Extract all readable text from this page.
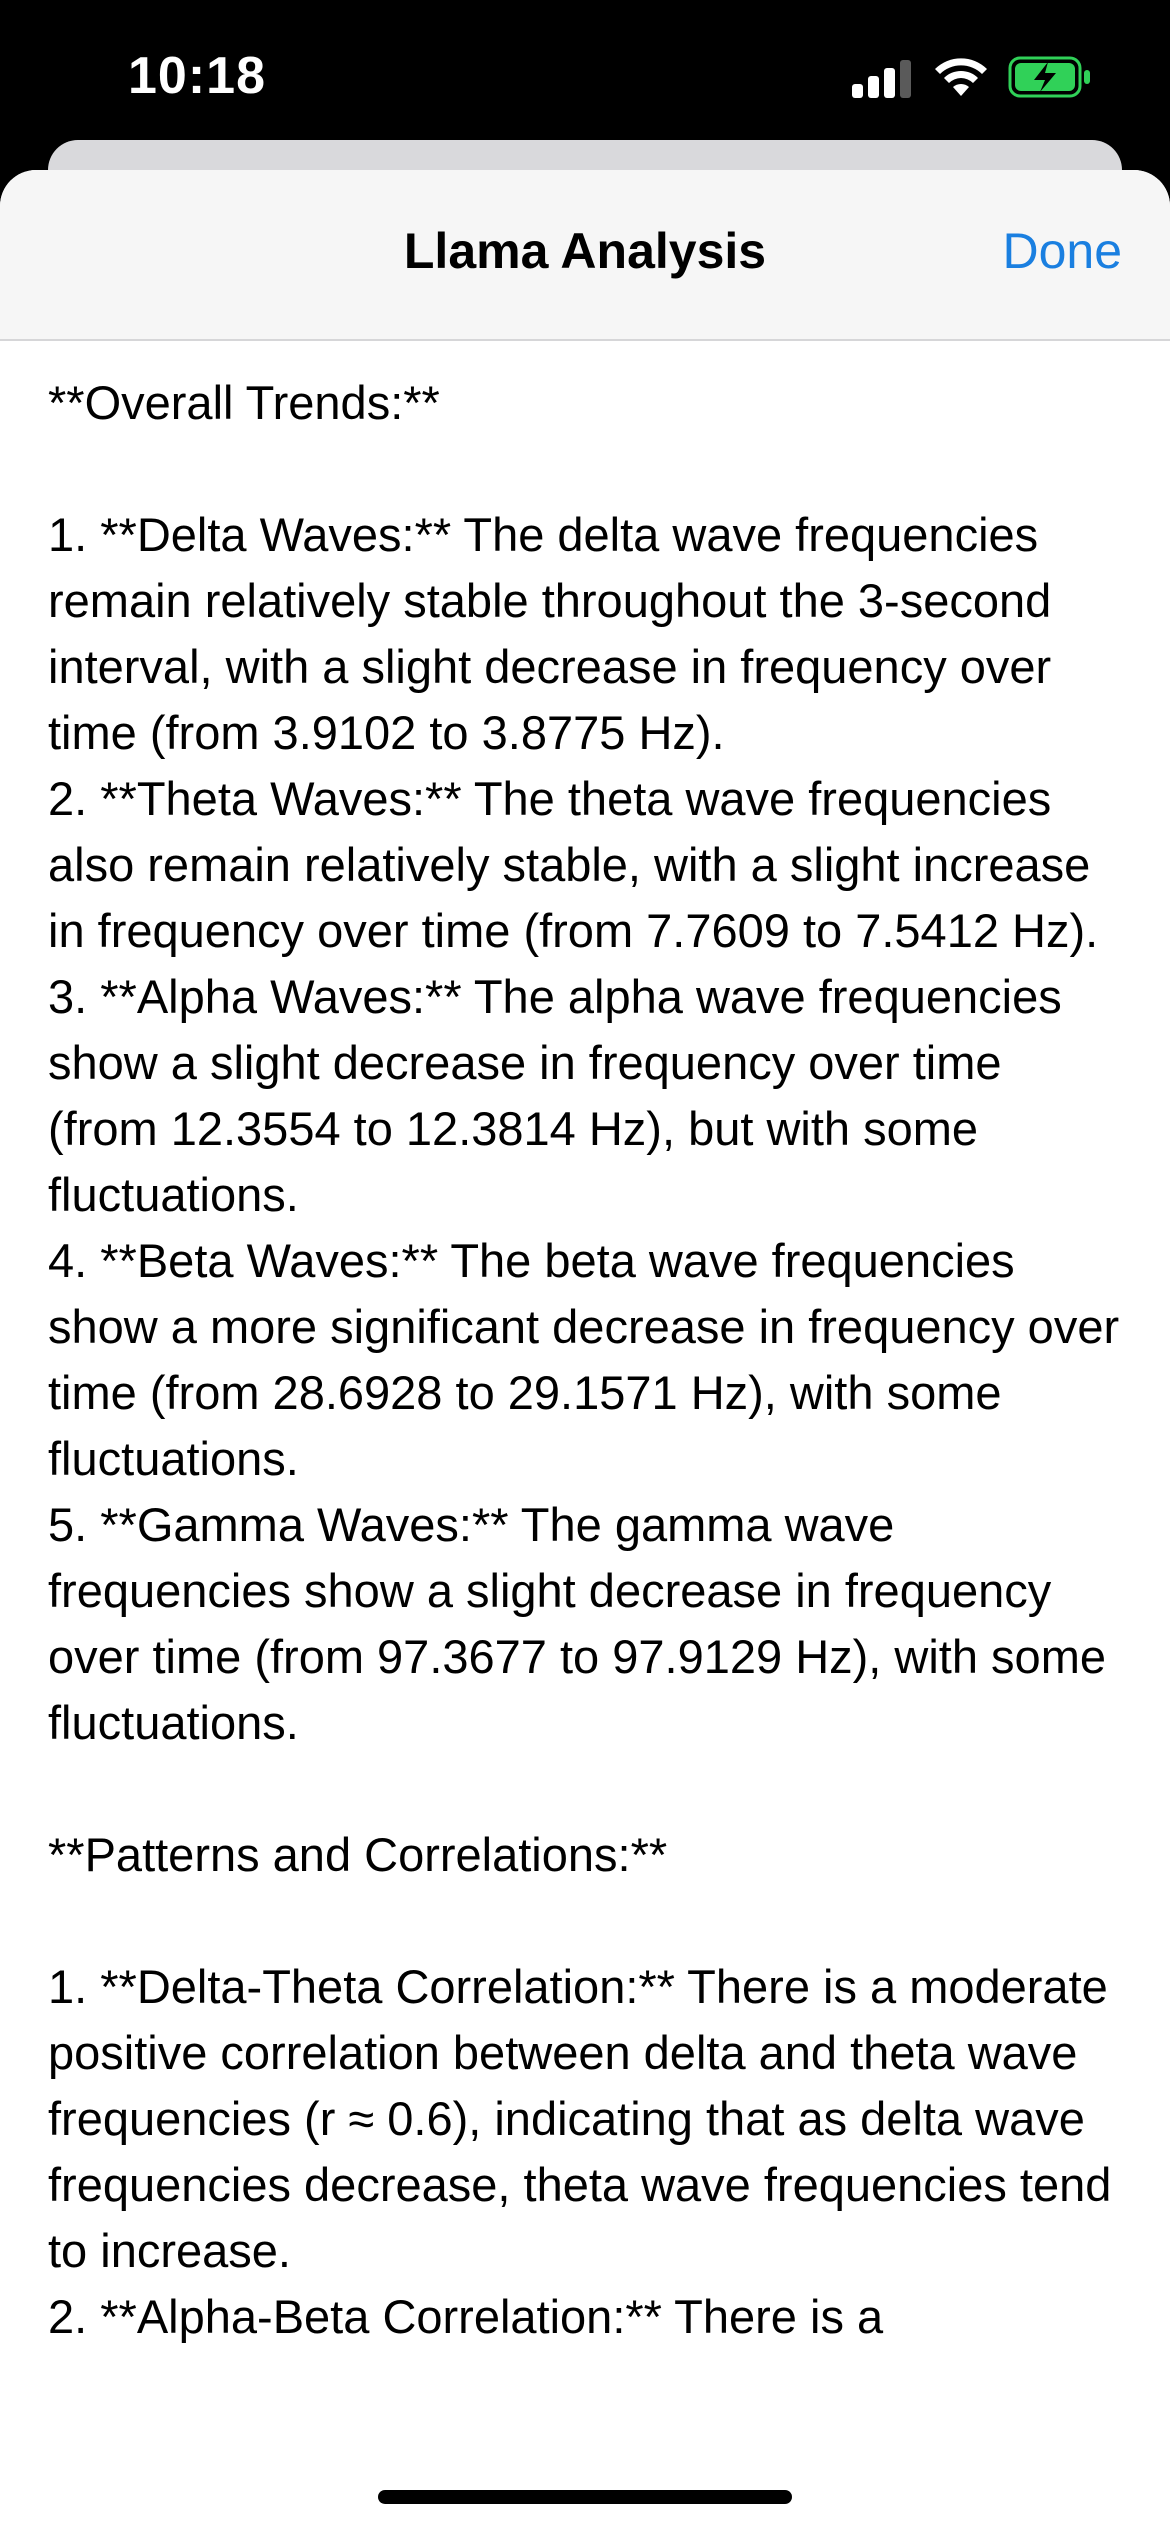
10:18
Llama Analysis	Done
**Overall Trends:**

1. **Delta Waves:** The delta wave frequencies remain relatively stable throughout the 3-second interval, with a slight decrease in frequency over time (from 3.9102 to 3.8775 Hz).
2. **Theta Waves:** The theta wave frequencies also remain relatively stable, with a slight increase in frequency over time (from 7.7609 to 7.5412 Hz).
3. **Alpha Waves:** The alpha wave frequencies show a slight decrease in frequency over time (from 12.3554 to 12.3814 Hz), but with some fluctuations.
4. **Beta Waves:** The beta wave frequencies show a more significant decrease in frequency over time (from 28.6928 to 29.1571 Hz), with some fluctuations.
5. **Gamma Waves:** The gamma wave frequencies show a slight decrease in frequency over time (from 97.3677 to 97.9129 Hz), with some fluctuations.

**Patterns and Correlations:**

1. **Delta-Theta Correlation:** There is a moderate positive correlation between delta and theta wave frequencies (r ≈ 0.6), indicating that as delta wave frequencies decrease, theta wave frequencies tend to increase.
2. **Alpha-Beta Correlation:** There is a
